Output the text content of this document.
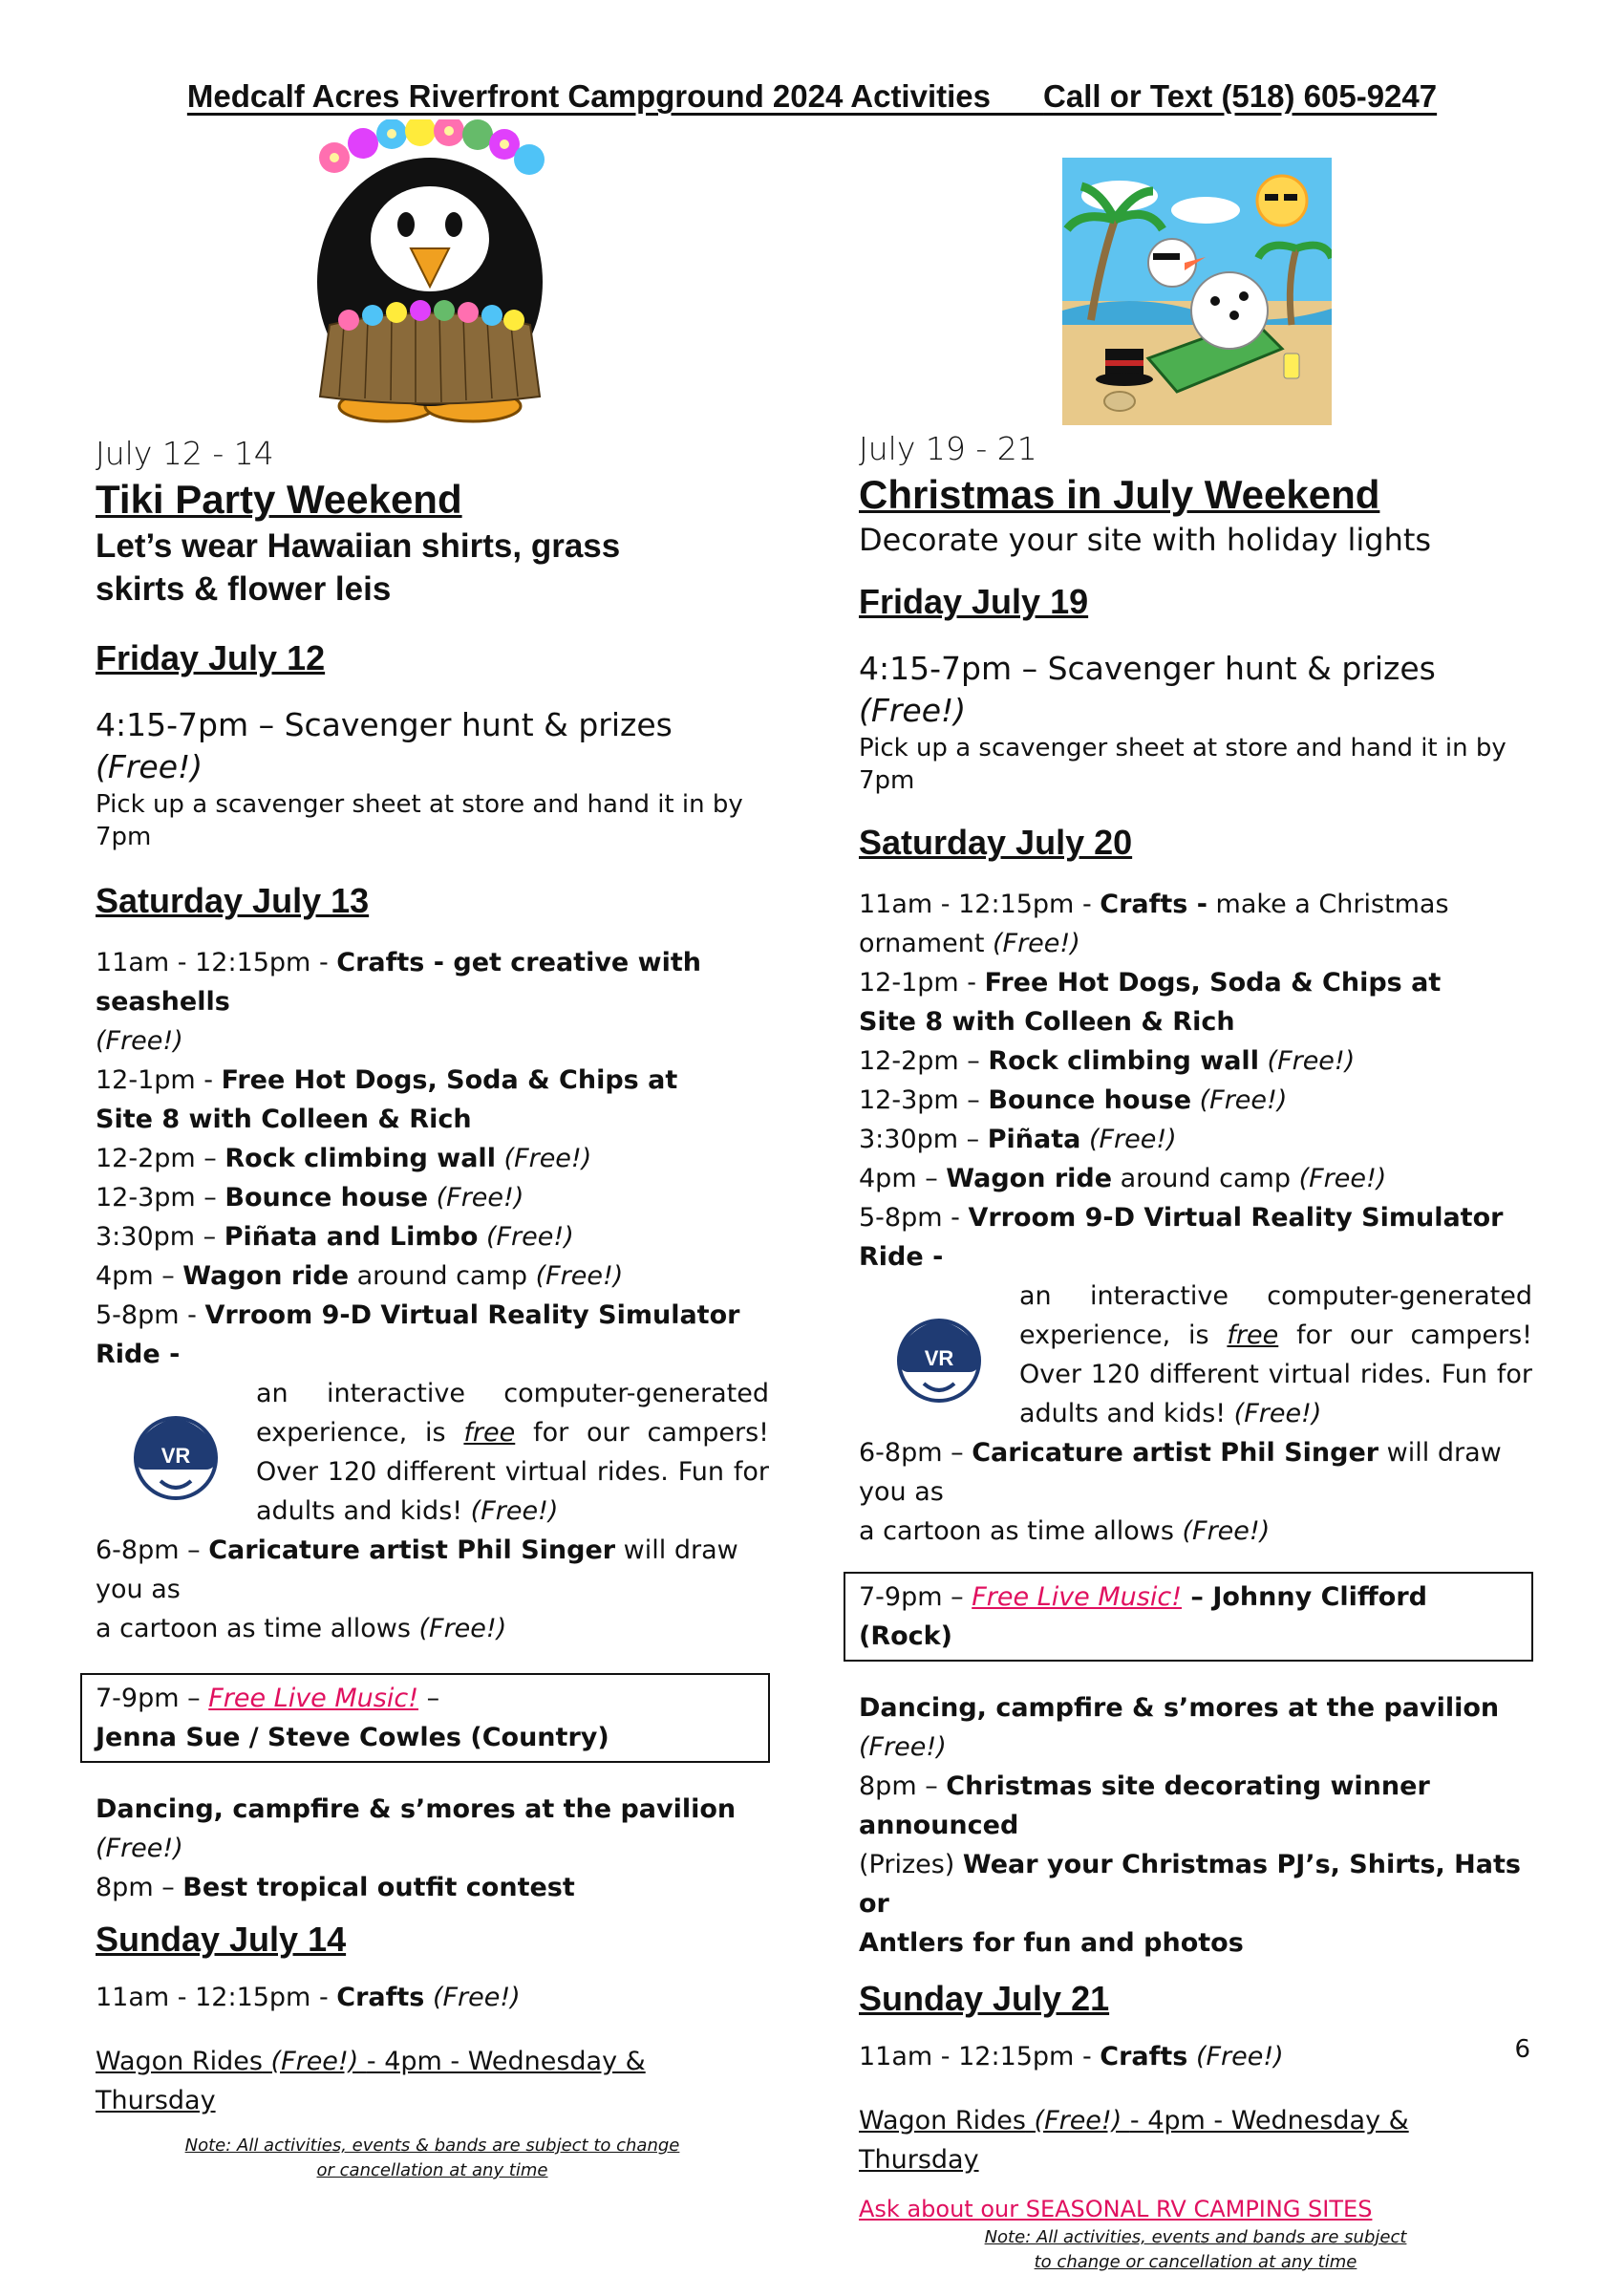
Medcalf Acres Riverfront Campground 2024 Activities Call or Text (518) 605-9247

July 12 - 14

Tiki Party Weekend

Let’s wear Hawaiian shirts, grass

skirts & flower leis

Friday July 12

4:15-7pm – Scavenger hunt & prizes (Free!)

Pick up a scavenger sheet at store and hand it in by 7pm

Saturday July 13

11am - 12:15pm - Crafts - get creative with seashells

(Free!)

12-1pm - Free Hot Dogs, Soda & Chips at

Site 8 with Colleen & Rich

12-2pm – Rock climbing wall (Free!)

12-3pm – Bounce house (Free!)

3:30pm – Piñata and Limbo (Free!)

4pm – Wagon ride around camp (Free!)

5-8pm - Vrroom 9-D Virtual Reality Simulator Ride -

VR
an interactive computer-generated experience, is free for our campers! Over 120 different virtual rides. Fun for adults and kids! (Free!)

6-8pm – Caricature artist Phil Singer will draw you as

a cartoon as time allows (Free!)

7-9pm – Free Live Music! –
Jenna Sue / Steve Cowles (Country)

Dancing, campfire & s’mores at the pavilion (Free!)

8pm – Best tropical outfit contest

Sunday July 14

11am - 12:15pm - Crafts (Free!)

Wagon Rides (Free!) - 4pm - Wednesday & Thursday

Note: All activities, events & bands are subject to change

or cancellation at any time

July 19 - 21

Christmas in July Weekend

Decorate your site with holiday lights

Friday July 19

4:15-7pm – Scavenger hunt & prizes (Free!)

Pick up a scavenger sheet at store and hand it in by 7pm

Saturday July 20

11am - 12:15pm - Crafts - make a Christmas

ornament (Free!)

12-1pm - Free Hot Dogs, Soda & Chips at

Site 8 with Colleen & Rich

12-2pm – Rock climbing wall (Free!)

12-3pm – Bounce house (Free!)

3:30pm – Piñata (Free!)

4pm – Wagon ride around camp (Free!)

5-8pm - Vrroom 9-D Virtual Reality Simulator Ride -

VR
an interactive computer-generated experience, is free for our campers! Over 120 different virtual rides. Fun for adults and kids! (Free!)

6-8pm – Caricature artist Phil Singer will draw you as

a cartoon as time allows (Free!)

7-9pm – Free Live Music! – Johnny Clifford (Rock)

Dancing, campfire & s’mores at the pavilion (Free!)

8pm – Christmas site decorating winner announced

(Prizes) Wear your Christmas PJ’s, Shirts, Hats or

Antlers for fun and photos

Sunday July 21

11am - 12:15pm - Crafts (Free!)

Wagon Rides (Free!) - 4pm - Wednesday & Thursday

Ask about our SEASONAL RV CAMPING SITES

Note: All activities, events and bands are subject

to change or cancellation at any time

6
